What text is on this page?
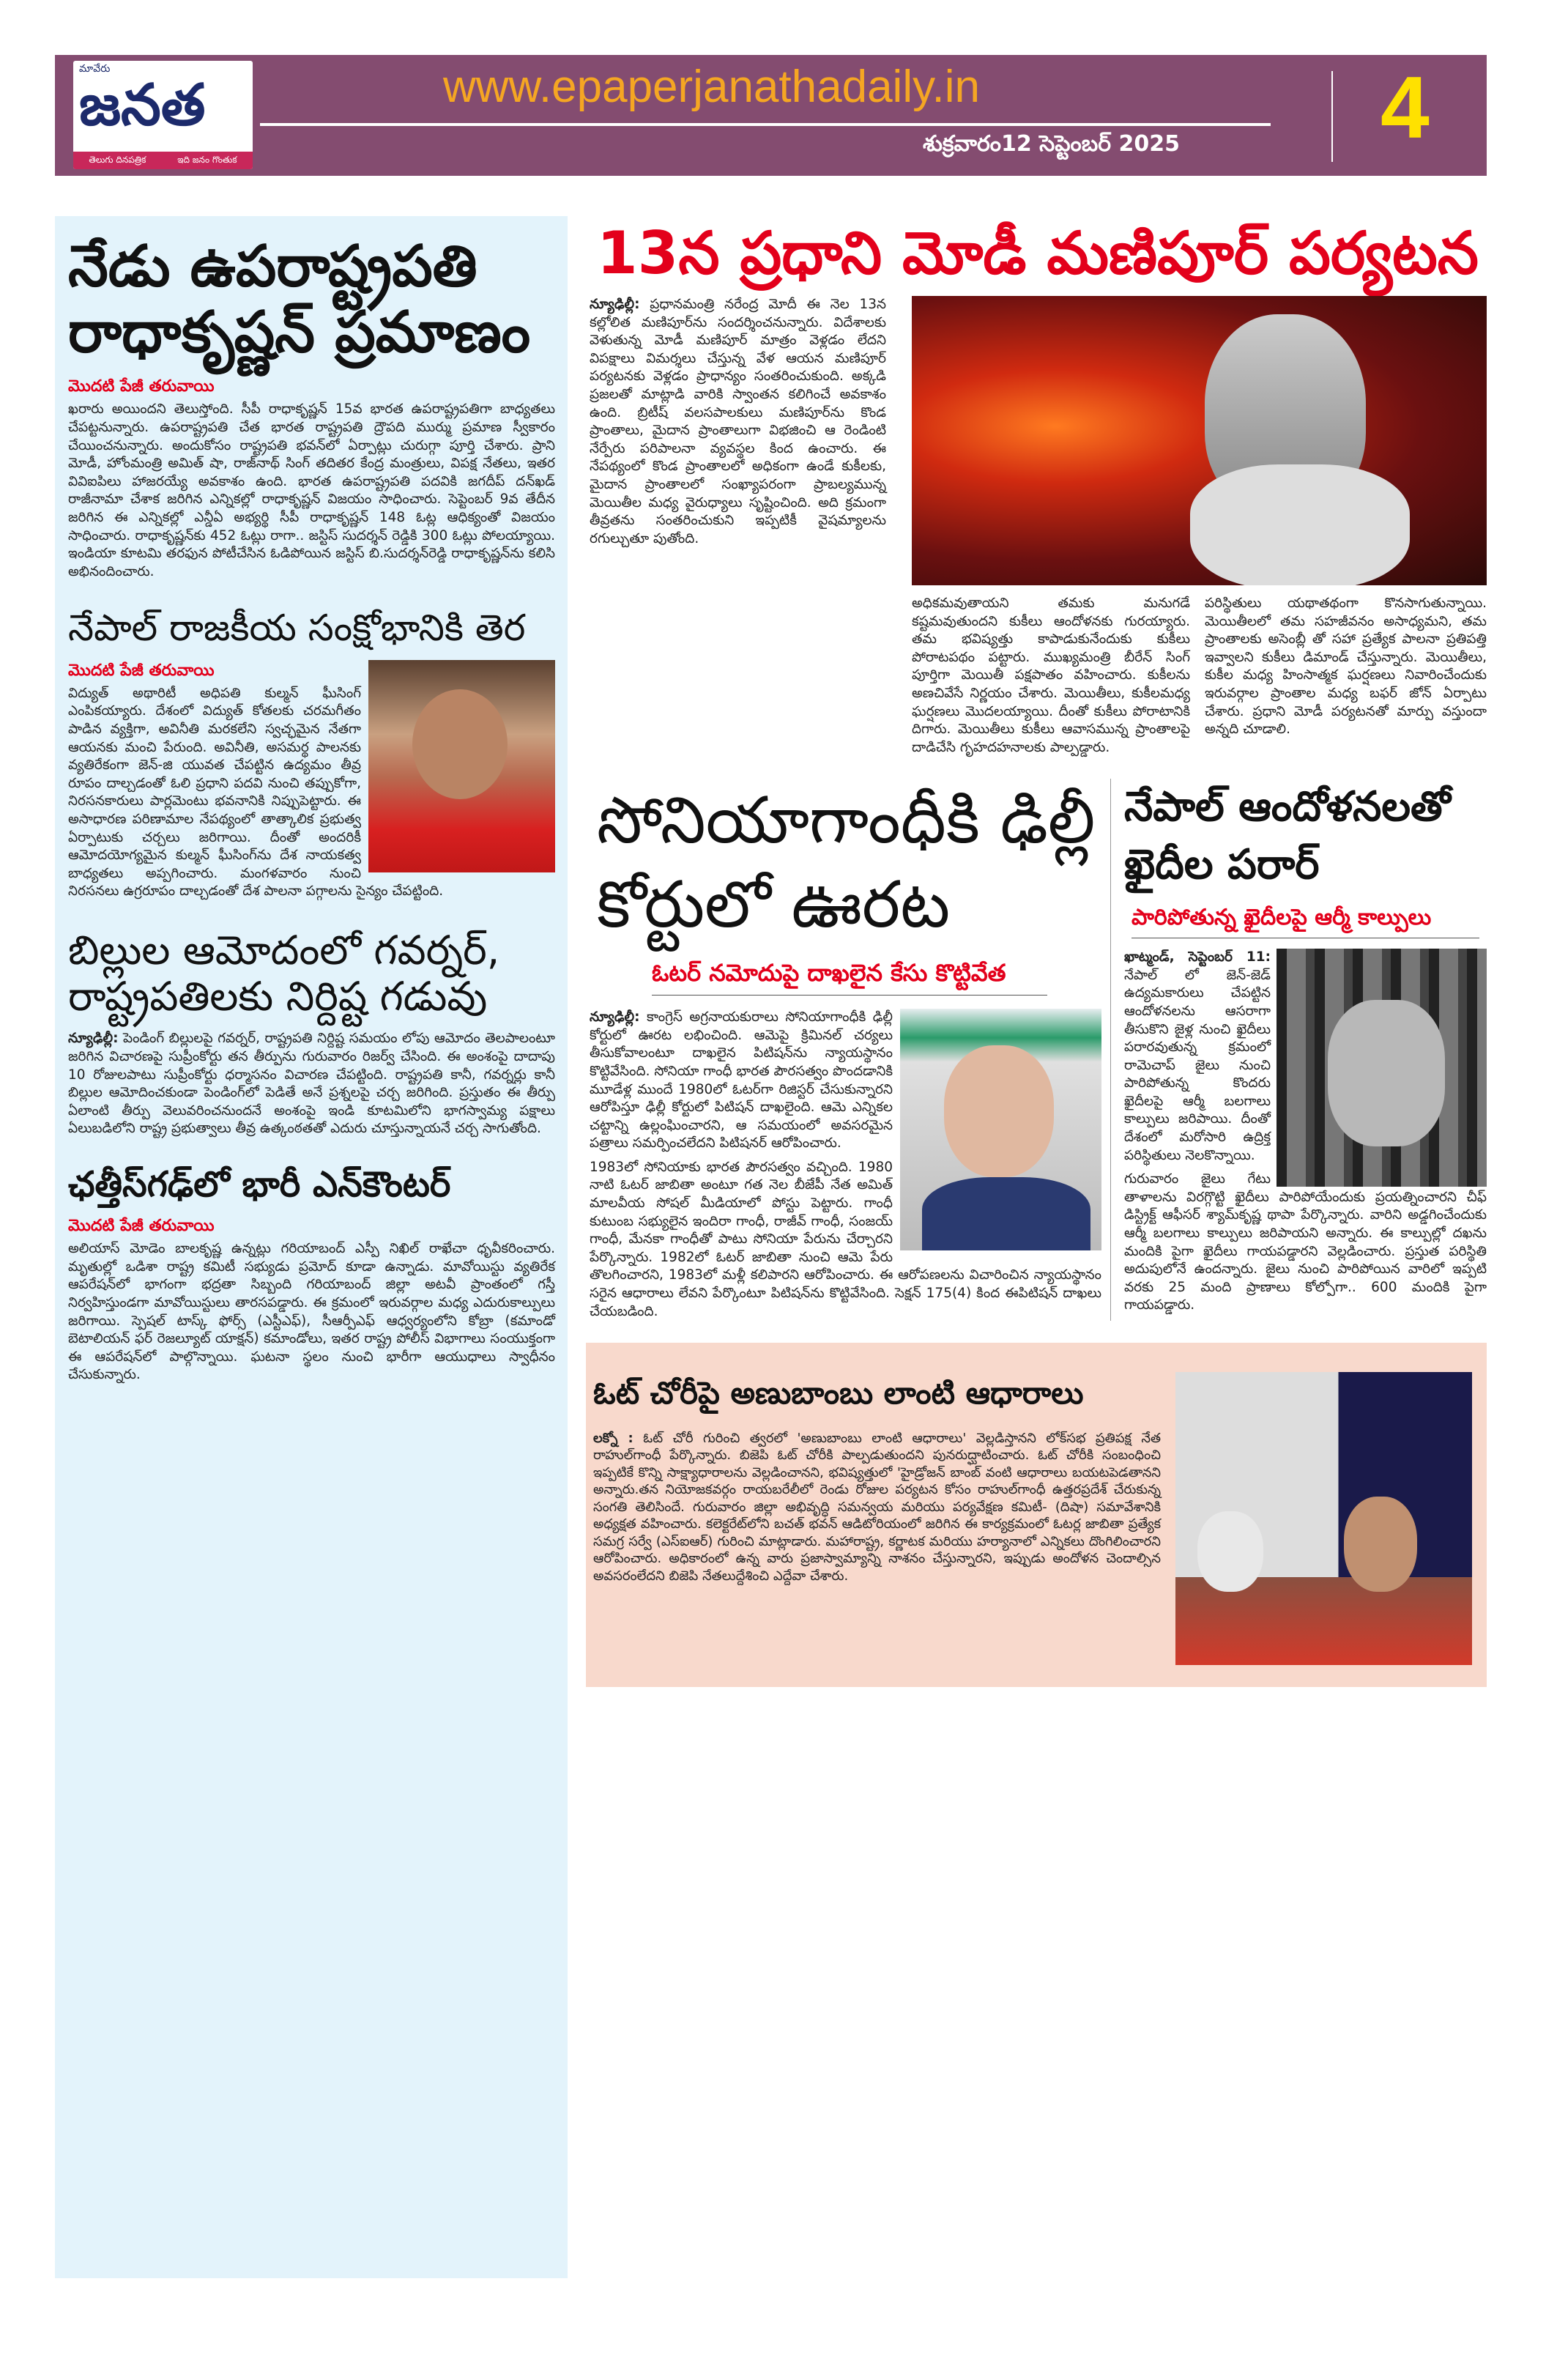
మావేరు
జనత
తెలుగు దినపత్రిక	ఇది జనం గొంతుక
www.epaperjanathadaily.in
శుక్రవారం12 సెప్టెంబర్ 2025 4
నేడు ఉపరాష్ట్రపతి రాధాకృష్ణన్ ప్రమాణం
మొదటి పేజీ తరువాయి
ఖరారు అయిందని తెలుస్తోంది. సీపీ రాధాకృష్ణన్ 15వ భారత ఉపరాష్ట్రపతిగా బాధ్యతలు చేపట్టనున్నారు. ఉపరాష్ట్రపతి చేత భారత రాష్ట్రపతి ద్రౌపది ముర్ము ప్రమాణ స్వీకారం చేయించనున్నారు. అందుకోసం రాష్ట్రపతి భవన్‌లో ఏర్పాట్లు చురుగ్గా పూర్తి చేశారు. ప్రాని మోడీ, హోంమంత్రి అమిత్ షా, రాజ్‌నాథ్ సింగ్ తదితర కేంద్ర మంత్రులు, విపక్ష నేతలు, ఇతర వివిఐపిలు హాజరయ్యే అవకాశం ఉంది. భారత ఉపరాష్ట్రపతి పదవికి జగదీప్ దన్‌ఖడ్ రాజీనామా చేశాక జరిగిన ఎన్నికల్లో రాధాకృష్ణన్ విజయం సాధించారు. సెప్టెంబర్ 9వ తేదీన జరిగిన ఈ ఎన్నికల్లో ఎన్డీఏ అభ్యర్థి సీపీ రాధాకృష్ణన్ 148 ఓట్ల ఆధిక్యంతో విజయం సాధించారు. రాధాకృష్ణన్‌కు 452 ఓట్లు రాగా.. జస్టిస్ సుదర్శన్ రెడ్డికి 300 ఓట్లు పోలయ్యాయి. ఇండియా కూటమి తరఫున పోటీచేసిన ఓడిపోయిన జస్టిస్ బి.సుదర్శన్‌రెడ్డి రాధాకృష్ణన్‌ను కలిసి అభినందించారు.
నేపాల్ రాజకీయ సంక్షోభానికి తెర
మొదటి పేజీ తరువాయి
విద్యుత్ అథారిటీ అధిపతి కుల్మన్ ఘీసింగ్ ఎంపికయ్యారు. దేశంలో విద్యుత్ కోతలకు చరమగీతం పాడిన వ్యక్తిగా, అవినీతి మరకలేని స్వచ్ఛమైన నేతగా ఆయనకు మంచి పేరుంది. అవినీతి, అసమర్థ పాలనకు వ్యతిరేకంగా జెన్-జి యువత చేపట్టిన ఉద్యమం తీవ్ర రూపం దాల్చడంతో ఓలి ప్రధాని పదవి నుంచి తప్పుకోగా, నిరసనకారులు పార్లమెంటు భవనానికి నిప్పుపెట్టారు. ఈ అసాధారణ పరిణామాల నేపథ్యంలో తాత్కాలిక ప్రభుత్వ ఏర్పాటుకు చర్చలు జరిగాయి. దీంతో అందరికీ ఆమోదయోగ్యమైన కుల్మన్ ఘీసింగ్‌ను దేశ నాయకత్వ బాధ్యతలు అప్పగించారు. మంగళవారం నుంచి నిరసనలు ఉగ్రరూపం దాల్చడంతో దేశ పాలనా పగ్గాలను సైన్యం చేపట్టింది.
బిల్లుల ఆమోదంలో గవర్నర్, రాష్ట్రపతిలకు నిర్దిష్ట గడువు
న్యూఢిల్లీ: పెండింగ్ బిల్లులపై గవర్నర్, రాష్ట్రపతి నిర్దిష్ట సమయం లోపు ఆమోదం తెలపాలంటూ జరిగిన విచారణపై సుప్రీంకోర్టు తన తీర్పును గురువారం రిజర్వ్ చేసింది. ఈ అంశంపై దాదాపు 10 రోజులపాటు సుప్రీంకోర్టు ధర్మాసనం విచారణ చేపట్టింది. రాష్ట్రపతి కానీ, గవర్నర్లు కానీ బిల్లుల ఆమోదించకుండా పెండింగ్‌లో పెడితే అనే ప్రశ్నలపై చర్చ జరిగింది. ప్రస్తుతం ఈ తీర్పు ఏలాంటి తీర్పు వెలువరించనుందనే అంశంపై ఇండి కూటమిలోని భాగస్వామ్య పక్షాలు ఏలుబడిలోని రాష్ట్ర ప్రభుత్వాలు తీవ్ర ఉత్కంఠతతో ఎదురు చూస్తున్నాయనే చర్చ సాగుతోంది.
ఛత్తీస్‌గఢ్‌లో భారీ ఎన్‌కౌంటర్
మొదటి పేజీ తరువాయి
అలియాస్ మోడెం బాలకృష్ణ ఉన్నట్లు గరియాబంద్ ఎస్పీ నిఖిల్ రాఖేచా ధృవీకరించారు. మృతుల్లో ఒడిశా రాష్ట్ర కమిటీ సభ్యుడు ప్రమోద్ కూడా ఉన్నాడు. మావోయిస్టు వ్యతిరేక ఆపరేషన్‌లో భాగంగా భద్రతా సిబ్బంది గరియాబంద్ జిల్లా అటవీ ప్రాంతంలో గస్తీ నిర్వహిస్తుండగా మావోయిస్టులు తారసపడ్డారు. ఈ క్రమంలో ఇరువర్గాల మధ్య ఎదురుకాల్పులు జరిగాయి. స్పెషల్ టాస్క్ ఫోర్స్ (ఎస్టీఎఫ్), సీఆర్పీఎఫ్ ఆధ్వర్యంలోని కోబ్రా (కమాండో బెటాలియన్ ఫర్ రెజల్యూట్ యాక్షన్) కమాండోలు, ఇతర రాష్ట్ర పోలీస్ విభాగాలు సంయుక్తంగా ఈ ఆపరేషన్‌లో పాల్గొన్నాయి. ఘటనా స్థలం నుంచి భారీగా ఆయుధాలు స్వాధీనం చేసుకున్నారు.
13న ప్రధాని మోడీ మణిపూర్ పర్యటన
న్యూఢిల్లీ: ప్రధానమంత్రి నరేంద్ర మోదీ ఈ నెల 13న కల్లోలిత మణిపూర్‌ను సందర్శించనున్నారు. విదేశాలకు వెళుతున్న మోడీ మణిపూర్ మాత్రం వెళ్లడం లేదని విపక్షాలు విమర్శలు చేస్తున్న వేళ ఆయన మణిపూర్ పర్యటనకు వెళ్లడం ప్రాధాన్యం సంతరించుకుంది. అక్కడి ప్రజలతో మాట్లాడి వారికి స్వాంతన కలిగించే అవకాశం ఉంది. బ్రిటీష్ వలసపాలకులు మణిపూర్‌ను కొండ ప్రాంతాలు, మైదాన ప్రాంతాలుగా విభజించి ఆ రెండింటి నేర్పేరు పరిపాలనా వ్యవస్థల కింద ఉంచారు. ఈ నేపథ్యంలో కొండ ప్రాంతాలలో అధికంగా ఉండే కుకీలకు, మైదాన ప్రాంతాలలో సంఖ్యాపరంగా ప్రాబల్యమున్న మెయితీల మధ్య వైరుధ్యాలు సృష్టించింది. అది క్రమంగా తీవ్రతను సంతరించుకుని ఇప్పటికీ వైషమ్యాలను రగుల్చుతూ పుతోంది.
అధికమవుతాయని తమకు మనుగడే కష్టమవుతుందని కుకీలు ఆందోళనకు గురయ్యారు. తమ భవిష్యత్తు కాపాడుకునేందుకు కుకీలు పోరాటపథం పట్టారు. ముఖ్యమంత్రి బీరేన్ సింగ్ పూర్తిగా మెయితీ పక్షపాతం వహించారు. కుకీలను అణచివేసే నిర్ణయం చేశారు. మెయితీలు, కుకీలమధ్య ఘర్షణలు మొదలయ్యాయి. దీంతో కుకీలు పోరాటానికి దిగారు. మెయితీలు కుకీలు ఆవాసమున్న ప్రాంతాలపై దాడిచేసి గృహదహనాలకు పాల్పడ్డారు.
పరిస్థితులు యథాతథంగా కొనసాగుతున్నాయి. మెయితీలలో తమ సహజీవనం అసాధ్యమని, తమ ప్రాంతాలకు అసెంబ్లీ తో సహా ప్రత్యేక పాలనా ప్రతిపత్తి ఇవ్వాలని కుకీలు డిమాండ్ చేస్తున్నారు. మెయితీలు, కుకీల మధ్య హింసాత్మక ఘర్షణలు నివారించేందుకు ఇరువర్గాల ప్రాంతాల మధ్య బఫర్ జోన్ ఏర్పాటు చేశారు. ప్రధాని మోడీ పర్యటనతో మార్పు వస్తుందా అన్నది చూడాలి.
సోనియాగాంధీకి ఢిల్లీ కోర్టులో ఊరట
ఓటర్ నమోదుపై దాఖలైన కేసు కొట్టివేత
న్యూఢిల్లీ: కాంగ్రెస్ అగ్రనాయకురాలు సోనియాగాంధీకి ఢిల్లీ కోర్టులో ఊరట లభించింది. ఆమెపై క్రిమినల్ చర్యలు తీసుకోవాలంటూ దాఖలైన పిటిషన్‌ను న్యాయస్థానం కొట్టివేసింది. సోనియా గాంధీ భారత పౌరసత్వం పొందడానికి మూడేళ్ల ముందే 1980లో ఓటర్‌గా రిజిస్టర్ చేసుకున్నారని ఆరోపిస్తూ ఢిల్లీ కోర్టులో పిటిషన్ దాఖలైంది. ఆమె ఎన్నికల చట్టాన్ని ఉల్లంఘించారని, ఆ సమయంలో అవసరమైన పత్రాలు సమర్పించలేదని పిటిషనర్ ఆరోపించారు.
1983లో సోనియాకు భారత పౌరసత్వం వచ్చింది. 1980 నాటి ఓటర్ జాబితా అంటూ గత నెల బీజేపీ నేత అమిత్ మాలవీయ సోషల్ మీడియాలో పోస్టు పెట్టారు. గాంధీ కుటుంబ సభ్యులైన ఇందిరా గాంధీ, రాజీవ్ గాంధీ, సంజయ్ గాంధీ, మేనకా గాంధీతో పాటు సోనియా పేరును చేర్చారని పేర్కొన్నారు. 1982లో ఓటర్ జాబితా నుంచి ఆమె పేరు తొలగించారని, 1983లో మళ్లీ కలిపారని ఆరోపించారు. ఈ ఆరోపణలను విచారించిన న్యాయస్థానం సరైన ఆధారాలు లేవని పేర్కొంటూ పిటిషన్‌ను కొట్టివేసింది. సెక్షన్ 175(4) కింద ఈపిటిషన్ దాఖలు చేయబడింది.
నేపాల్ ఆందోళనలతో ఖైదీల పరార్
పారిపోతున్న ఖైదీలపై ఆర్మీ కాల్పులు
ఖాట్మండ్, సెప్టెంబర్ 11: నేపాల్ లో జెన్-జెడ్ ఉద్యమకారులు చేపట్టిన ఆందోళనలను ఆసరాగా తీసుకొని జైళ్ల నుంచి ఖైదీలు పరారవుతున్న క్రమంలో రామెచాప్ జైలు నుంచి పారిపోతున్న కొందరు ఖైదీలపై ఆర్మీ బలగాలు కాల్పులు జరిపాయి. దీంతో దేశంలో మరోసారి ఉద్రిక్త పరిస్థితులు నెలకొన్నాయి.
గురువారం జైలు గేటు తాళాలను విరగ్గొట్టి ఖైదీలు పారిపోయేందుకు ప్రయత్నించారని చీఫ్ డిస్ట్రిక్ట్ ఆఫీసర్ శ్యామ్‌కృష్ణ థాపా పేర్కొన్నారు. వారిని అడ్డగించేందుకు ఆర్మీ బలగాలు కాల్పులు జరిపాయని అన్నారు. ఈ కాల్పుల్లో దఖను మందికి పైగా ఖైదీలు గాయపడ్డారని వెల్లడించారు. ప్రస్తుత పరిస్థితి అదుపులోనే ఉందన్నారు. జైలు నుంచి పారిపోయిన వారిలో ఇప్పటి వరకు 25 మంది ప్రాణాలు కోల్పోగా.. 600 మందికి పైగా గాయపడ్డారు.
ఓట్ చోరీపై అణుబాంబు లాంటి ఆధారాలు
లక్నో : ఓట్ చోరీ గురించి త్వరలో 'అణుబాంబు లాంటి ఆధారాలు' వెల్లడిస్తానని లోక్‌సభ ప్రతిపక్ష నేత రాహుల్‌గాంధీ పేర్కొన్నారు. బిజెపి ఓట్ చోరీకి పాల్పడుతుందని పునరుద్ఘాటించారు. ఓట్ చోరీకి సంబంధించి ఇప్పటికే కొన్ని సాక్ష్యాధారాలను వెల్లడించానని, భవిష్యత్తులో 'హైడ్రోజన్ బాంబ్ వంటి ఆధారాలు బయటపెడతానని అన్నారు.తన నియోజకవర్గం రాయబరేలీలో రెండు రోజుల పర్యటన కోసం రాహుల్‌గాంధీ ఉత్తరప్రదేశ్ చేరుకున్న సంగతి తెలిసిందే. గురువారం జిల్లా అభివృద్ధి సమన్వయ మరియు పర్యవేక్షణ కమిటీ- (దిషా) సమావేశానికి అధ్యక్షత వహించారు. కలెక్టరేట్‌లోని బచత్ భవన్ ఆడిటోరియంలో జరిగిన ఈ కార్యక్రమంలో ఓటర్ల జాబితా ప్రత్యేక సమగ్ర సర్వే (ఎస్ఐఆర్) గురించి మాట్లాడారు. మహారాష్ట్ర, కర్ణాటక మరియు హర్యానాలో ఎన్నికలు దొంగిలించారని ఆరోపించారు. అధికారంలో ఉన్న వారు ప్రజాస్వామ్యాన్ని నాశనం చేస్తున్నారని, ఇప్పుడు అందోళన చెందాల్సిన అవసరంలేదని బిజెపి నేతలుద్దేశించి ఎద్దేవా చేశారు.
